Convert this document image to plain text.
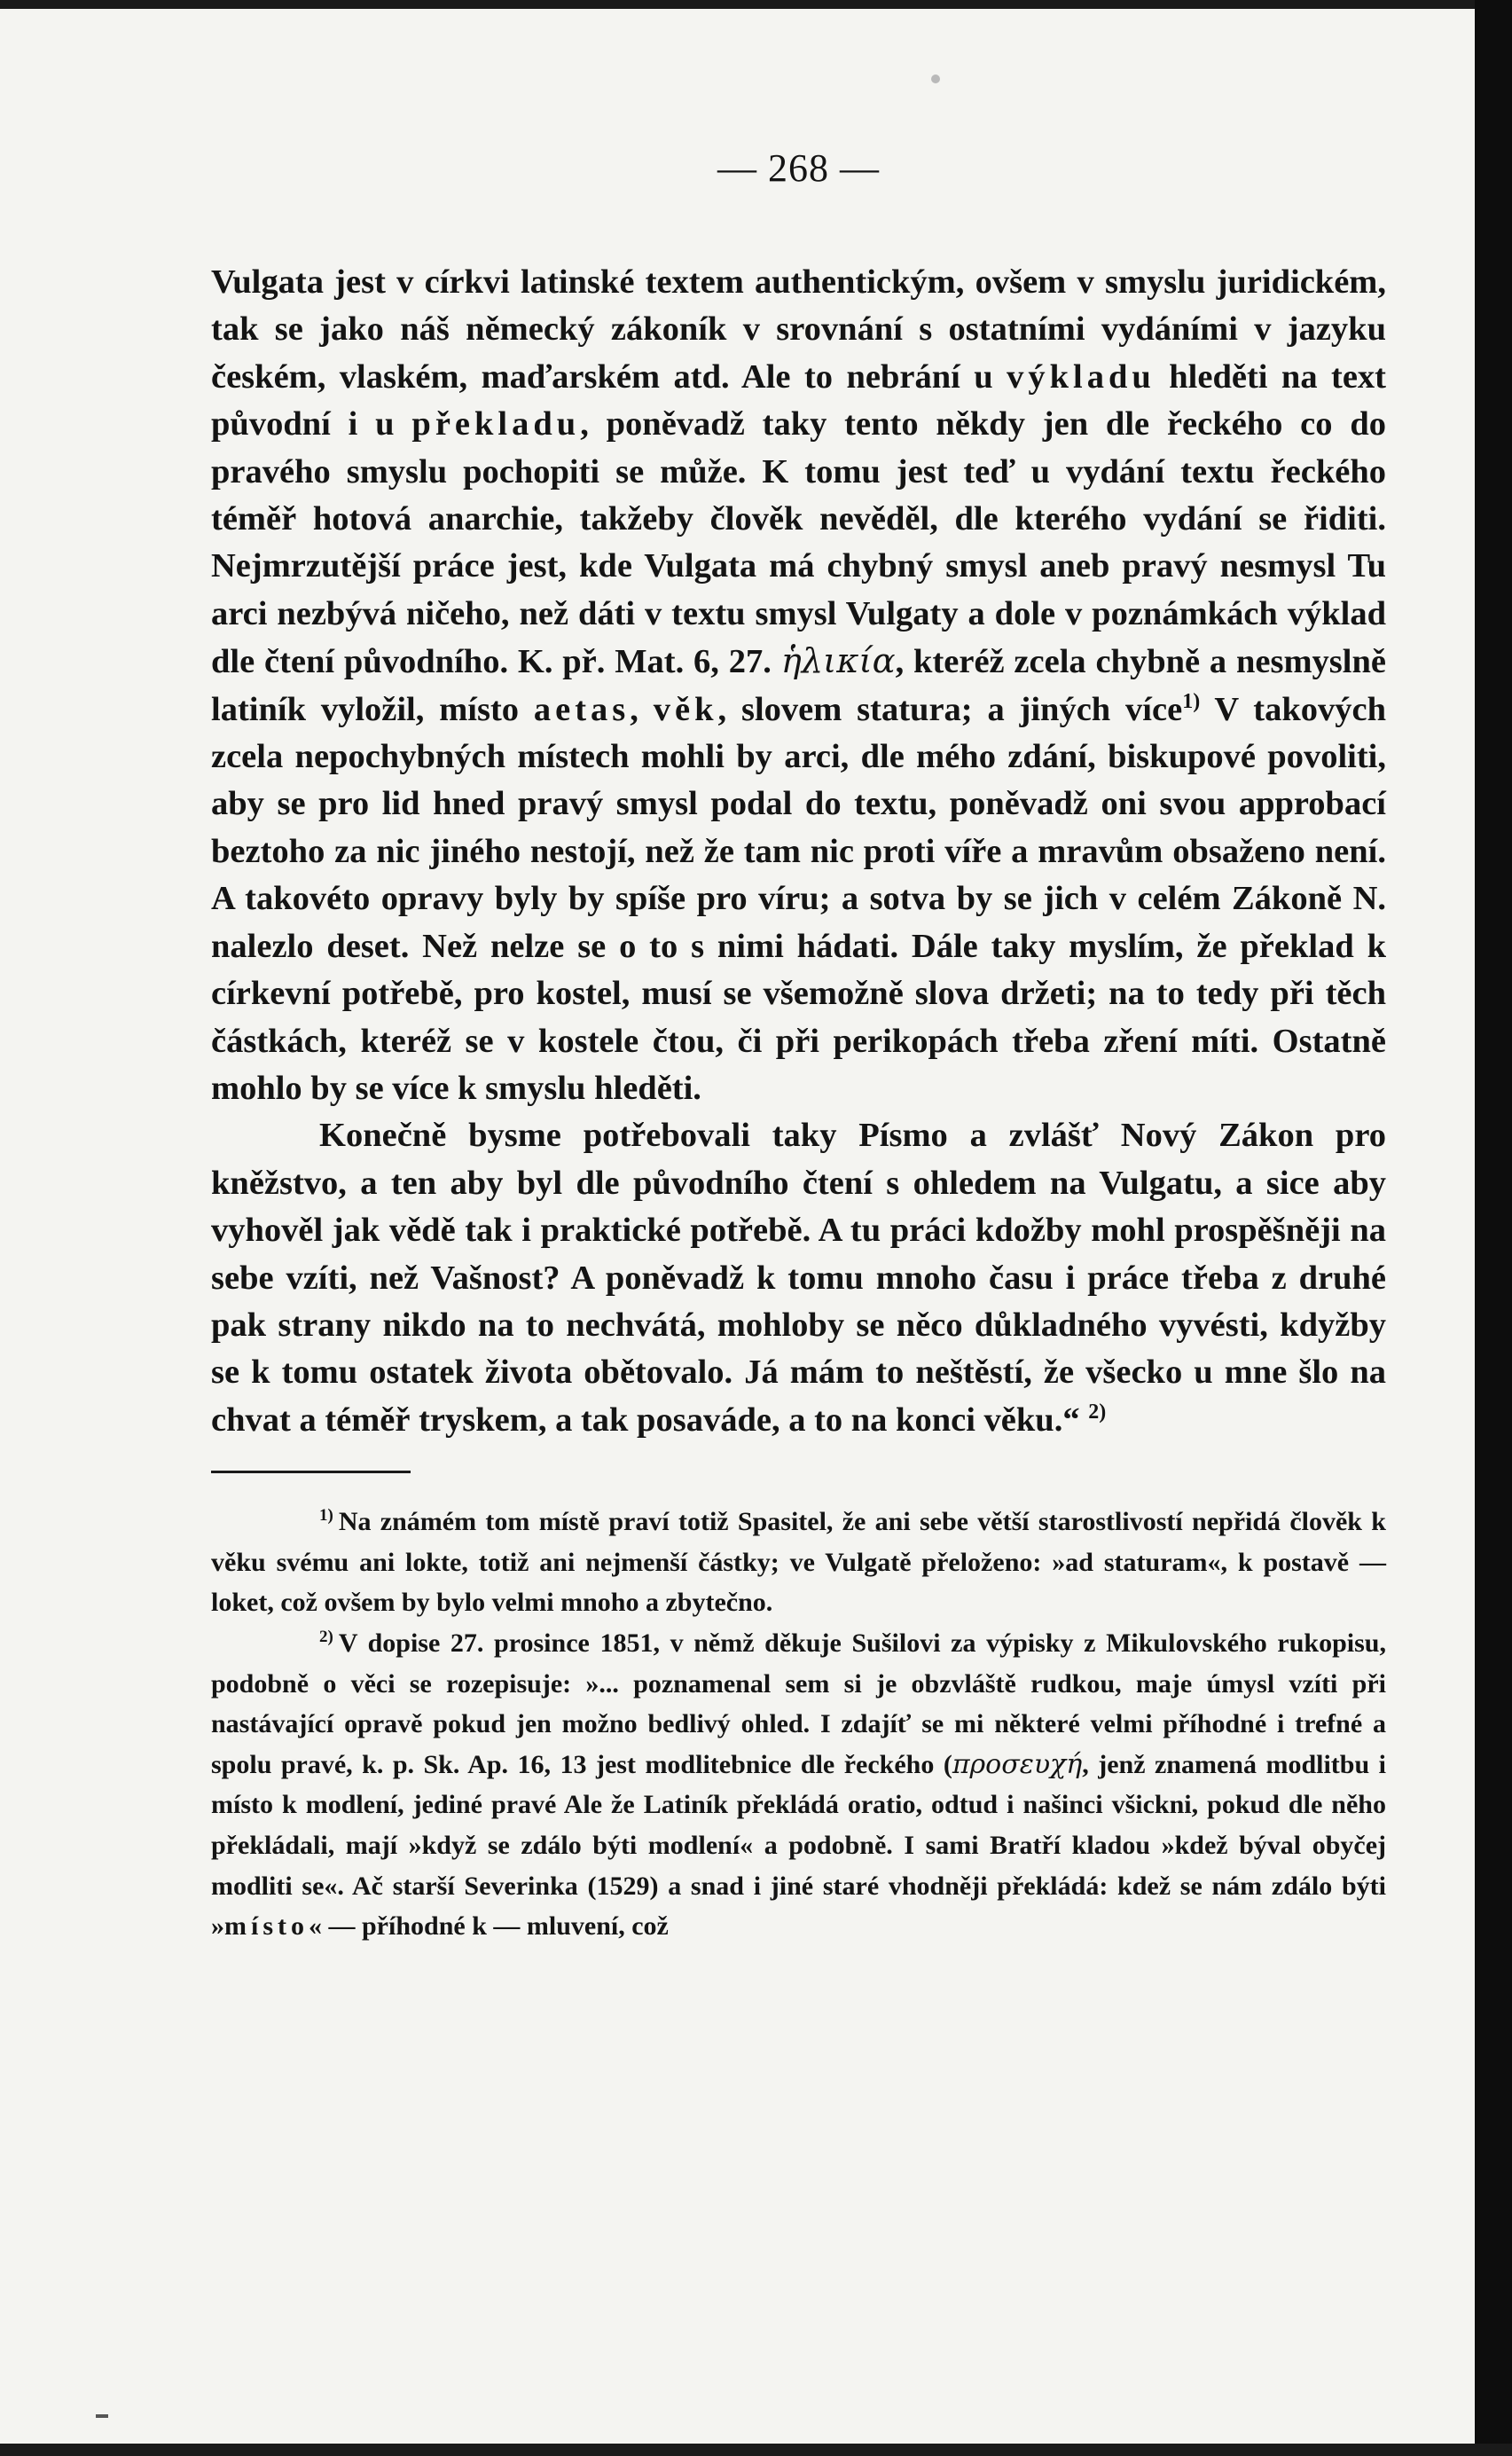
— 268 —

Vulgata jest v církvi latinské textem authentickým, ovšem v smyslu juridickém, tak se jako náš německý zákoník v srovnání s ostatními vydáními v jazyku českém, vlaském, maďarském atd. Ale to nebrání u výkladu hleděti na text původní i u překladu, poněvadž taky tento někdy jen dle řeckého co do pravého smyslu pochopiti se může. K tomu jest teď u vydání textu řeckého téměř hotová anarchie, takžeby člověk nevěděl, dle kterého vydání se řiditi. Nejmrzutější práce jest, kde Vulgata má chybný smysl aneb pravý nesmysl Tu arci nezbývá ničeho, než dáti v textu smysl Vulgaty a dole v poznámkách výklad dle čtení původního. K. př. Mat. 6, 27. ἡλικία, kteréž zcela chybně a nesmyslně latiník vyložil, místo aetas, věk, slovem statura; a jiných více$^{1)}$ V takových zcela nepochybných místech mohli by arci, dle mého zdání, biskupové povoliti, aby se pro lid hned pravý smysl podal do textu, poněvadž oni svou approbací beztoho za nic jiného nestojí, než že tam nic proti víře a mravům obsaženo není. A takovéto opravy byly by spíše pro víru; a sotva by se jich v celém Zákoně N. nalezlo deset. Než nelze se o to s nimi hádati. Dále taky myslím, že překlad k církevní potřebě, pro kostel, musí se všemožně slova držeti; na to tedy při těch částkách, kteréž se v kostele čtou, či při perikopách třeba zření míti. Ostatně mohlo by se více k smyslu hleděti.

Konečně bysme potřebovali taky Písmo a zvlášť Nový Zákon pro kněžstvo, a ten aby byl dle původního čtení s ohledem na Vulgatu, a sice aby vyhověl jak vědě tak i praktické potřebě. A tu práci kdožby mohl prospěšněji na sebe vzíti, než Vašnost? A poněvadž k tomu mnoho času i práce třeba z druhé pak strany nikdo na to nechvátá, mohloby se něco důkladného vyvésti, kdyžby se k tomu ostatek života obětovalo. Já mám to neštěstí, že všecko u mne šlo na chvat a téměř tryskem, a tak posaváde, a to na konci věku.“ $^{2)}$

$^{1)}$ Na známém tom místě praví totiž Spasitel, že ani sebe větší starostlivostí nepřidá člověk k věku svému ani lokte, totiž ani nejmenší částky; ve Vulgatě přeloženo: »ad staturam«, k postavě — loket, což ovšem by bylo velmi mnoho a zbytečno.

$^{2)}$ V dopise 27. prosince 1851, v němž děkuje Sušilovi za výpisky z Mikulovského rukopisu, podobně o věci se rozepisuje: »... poznamenal sem si je obzvláště rudkou, maje úmysl vzíti při nastávající opravě pokud jen možno bedlivý ohled. I zdajíť se mi některé velmi příhodné i trefné a spolu pravé, k. p. Sk. Ap. 16, 13 jest modlitebnice dle řeckého (προσευχή, jenž znamená modlitbu i místo k modlení, jediné pravé Ale že Latiník překládá oratio, odtud i našinci všickni, pokud dle něho překládali, mají »když se zdálo býti modlení« a podobně. I sami Bratří kladou »kdež býval obyčej modliti se«. Ač starší Severinka (1529) a snad i jiné staré vhodněji překládá: kdež se nám zdálo býti »místo« — příhodné k — mluvení, což
